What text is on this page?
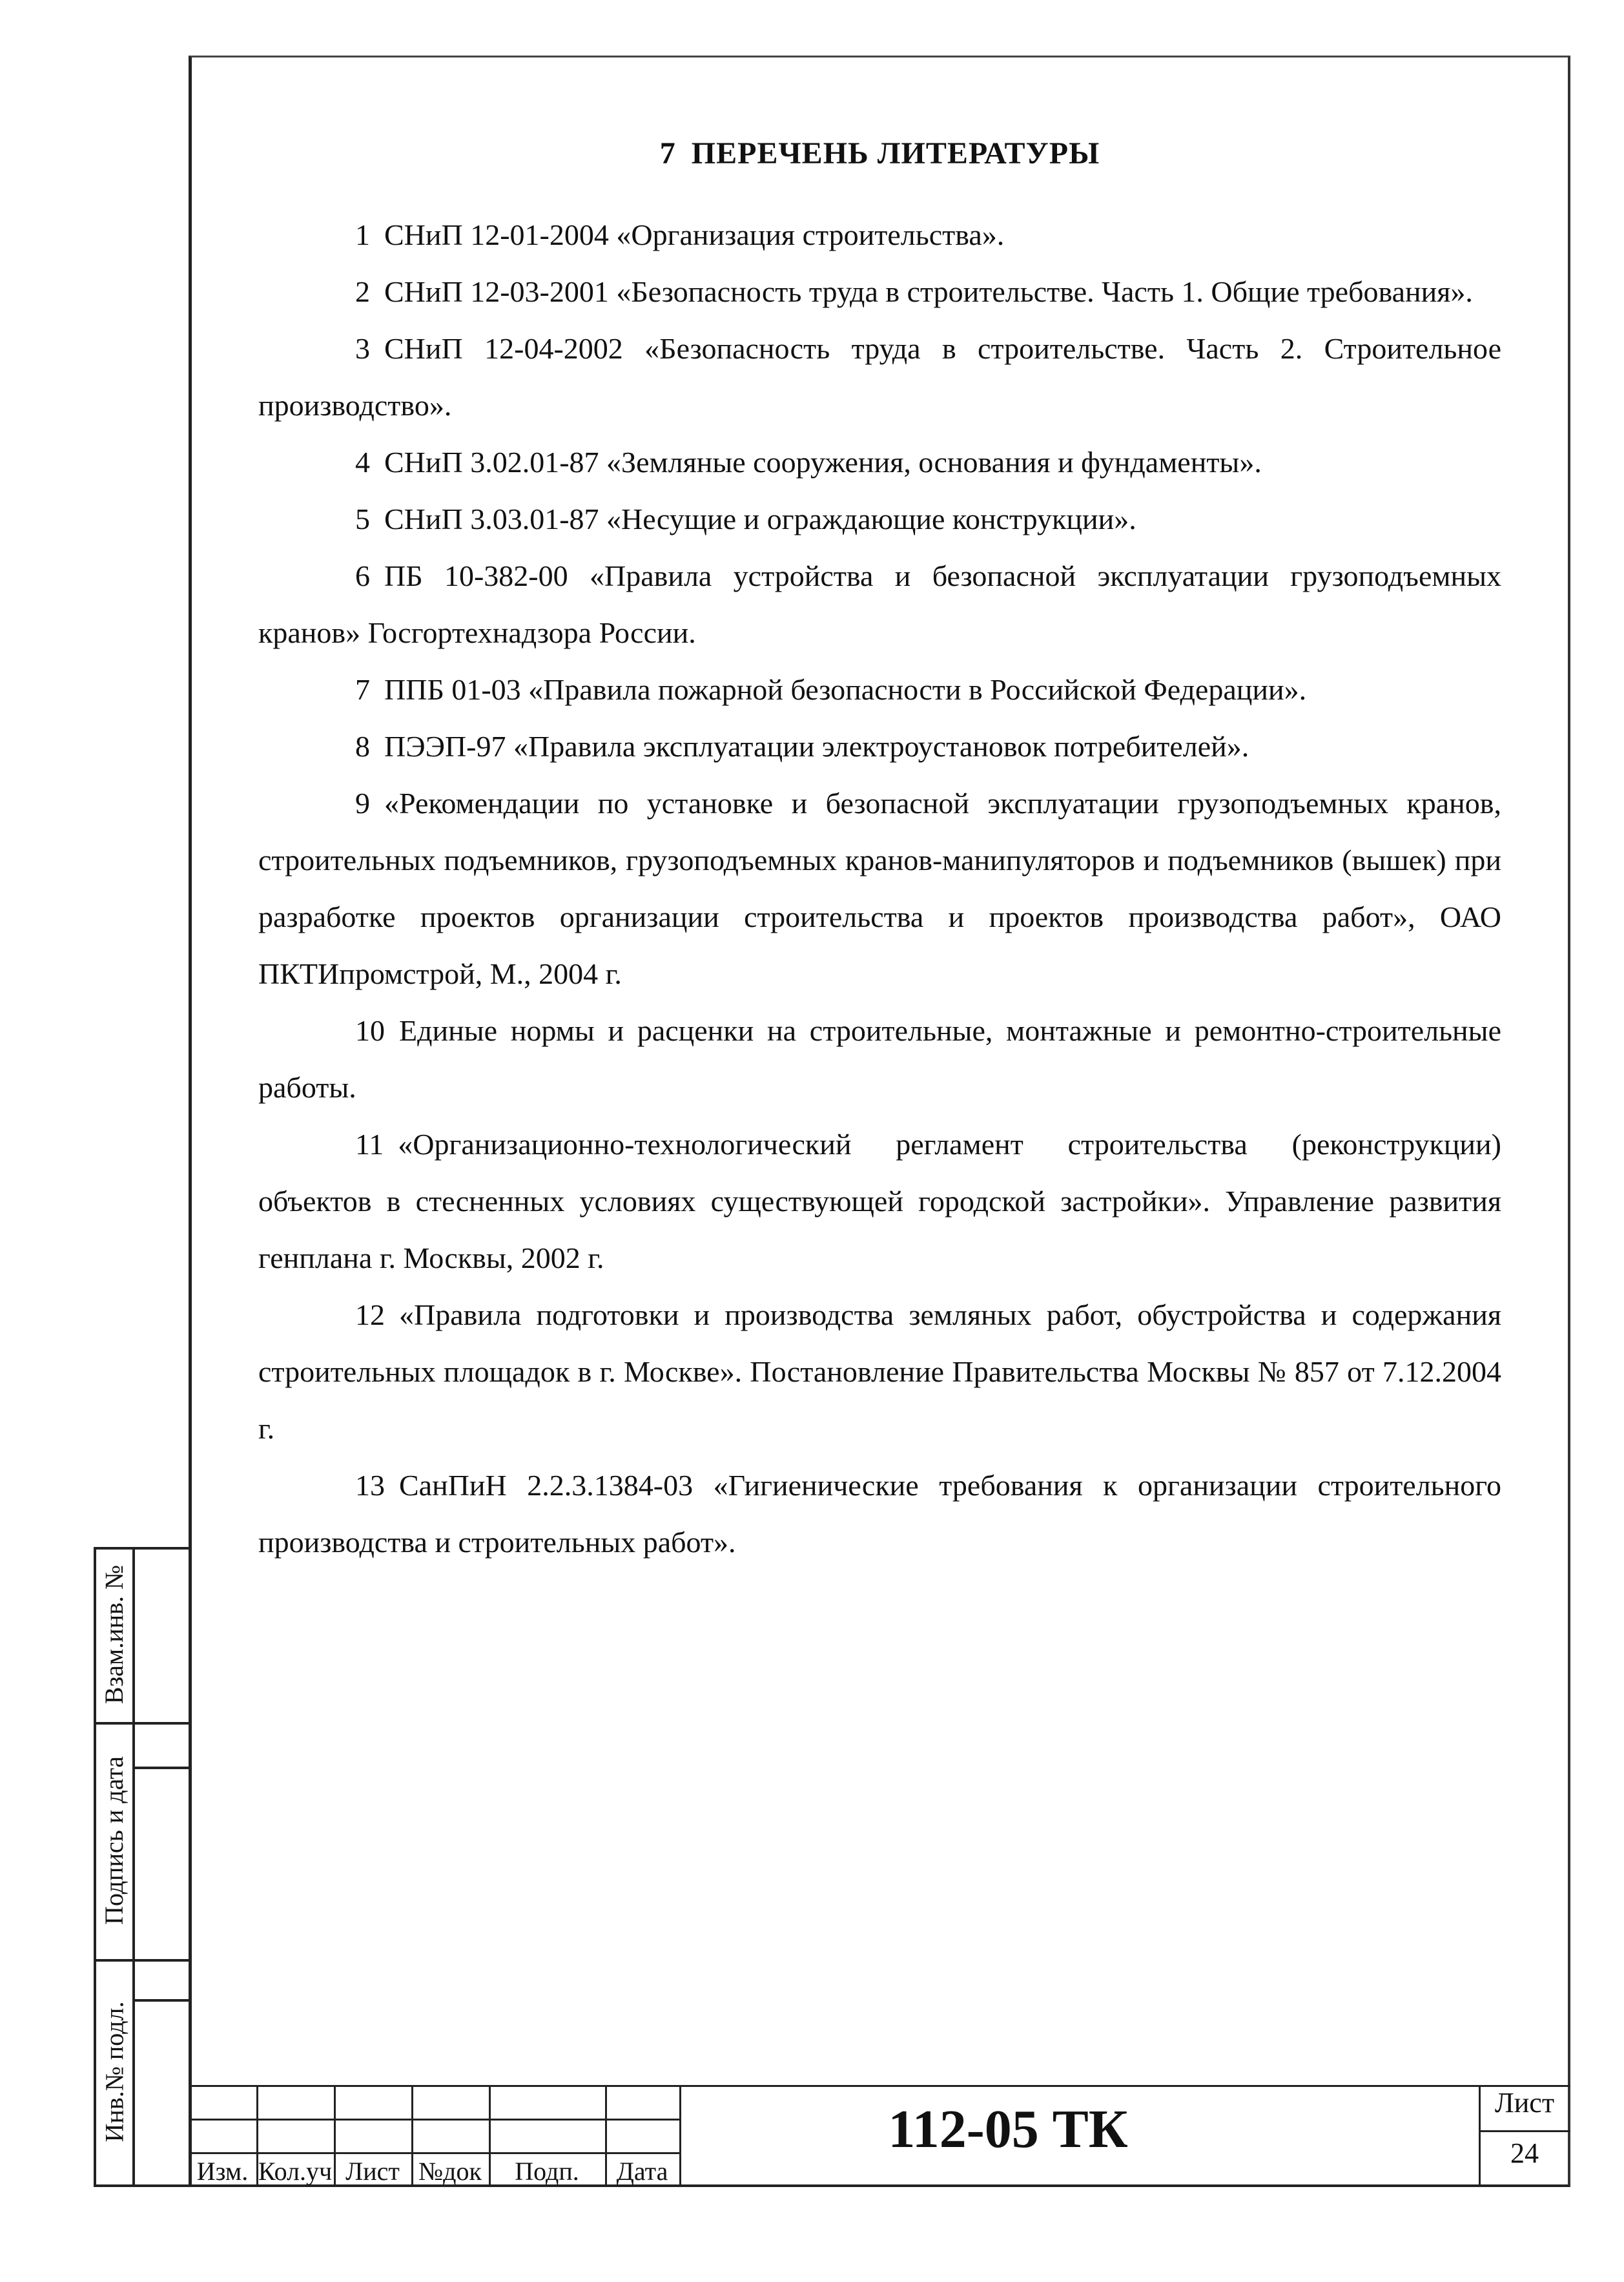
7 ПЕРЕЧЕНЬ ЛИТЕРАТУРЫ
1 СНиП 12-01-2004 «Организация строительства».
2 СНиП 12-03-2001 «Безопасность труда в строительстве. Часть 1. Общие требования».
3 СНиП 12-04-2002 «Безопасность труда в строительстве. Часть 2. Строительное производство».
4 СНиП 3.02.01-87 «Земляные сооружения, основания и фундаменты».
5 СНиП 3.03.01-87 «Несущие и ограждающие конструкции».
6 ПБ 10-382-00 «Правила устройства и безопасной эксплуатации грузоподъемных кранов» Госгортехнадзора России.
7 ППБ 01-03 «Правила пожарной безопасности в Российской Федерации».
8 ПЭЭП-97 «Правила эксплуатации электроустановок потребителей».
9 «Рекомендации по установке и безопасной эксплуатации грузоподъемных кранов, строительных подъемников, грузоподъемных кранов-манипуляторов и подъемников (вышек) при разработке проектов организации строительства и проектов производства работ», ОАО ПКТИпромстрой, М., 2004 г.
10 Единые нормы и расценки на строительные, монтажные и ремонтно-строительные работы.
11 «Организационно-технологический регламент строительства (реконструкции) объектов в стесненных условиях существующей городской застройки». Управление развития генплана г. Москвы, 2002 г.
12 «Правила подготовки и производства земляных работ, обустройства и содержания строительных площадок в г. Москве». Постановление Правительства Москвы № 857 от 7.12.2004 г.
13 СанПиН 2.2.3.1384-03 «Гигиенические требования к организации строительного производства и строительных работ».
Взам.инв. №
Подпись и дата
Инв.№ подл.
Изм. Кол.уч Лист №док	Подп.	Дата
112-05 ТК	Лист
24
